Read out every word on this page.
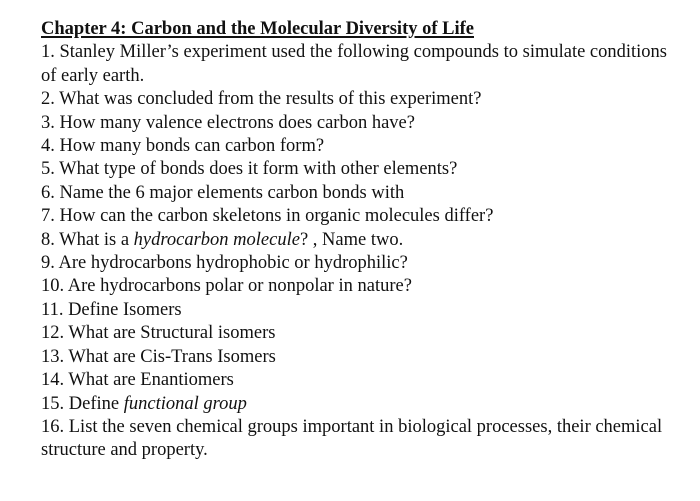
Chapter 4: Carbon and the Molecular Diversity of Life

1. Stanley Miller’s experiment used the following compounds to simulate conditions of early earth.

2. What was concluded from the results of this experiment?

3. How many valence electrons does carbon have?

4. How many bonds can carbon form?

5. What type of bonds does it form with other elements?

6. Name the 6 major elements carbon bonds with

7. How can the carbon skeletons in organic molecules differ?

8. What is a hydrocarbon molecule? , Name two.

9. Are hydrocarbons hydrophobic or hydrophilic?

10. Are hydrocarbons polar or nonpolar in nature?

11. Define Isomers

12. What are Structural isomers

13. What are Cis-Trans Isomers

14. What are Enantiomers

15. Define functional group

16. List the seven chemical groups important in biological processes, their chemical structure and property.
